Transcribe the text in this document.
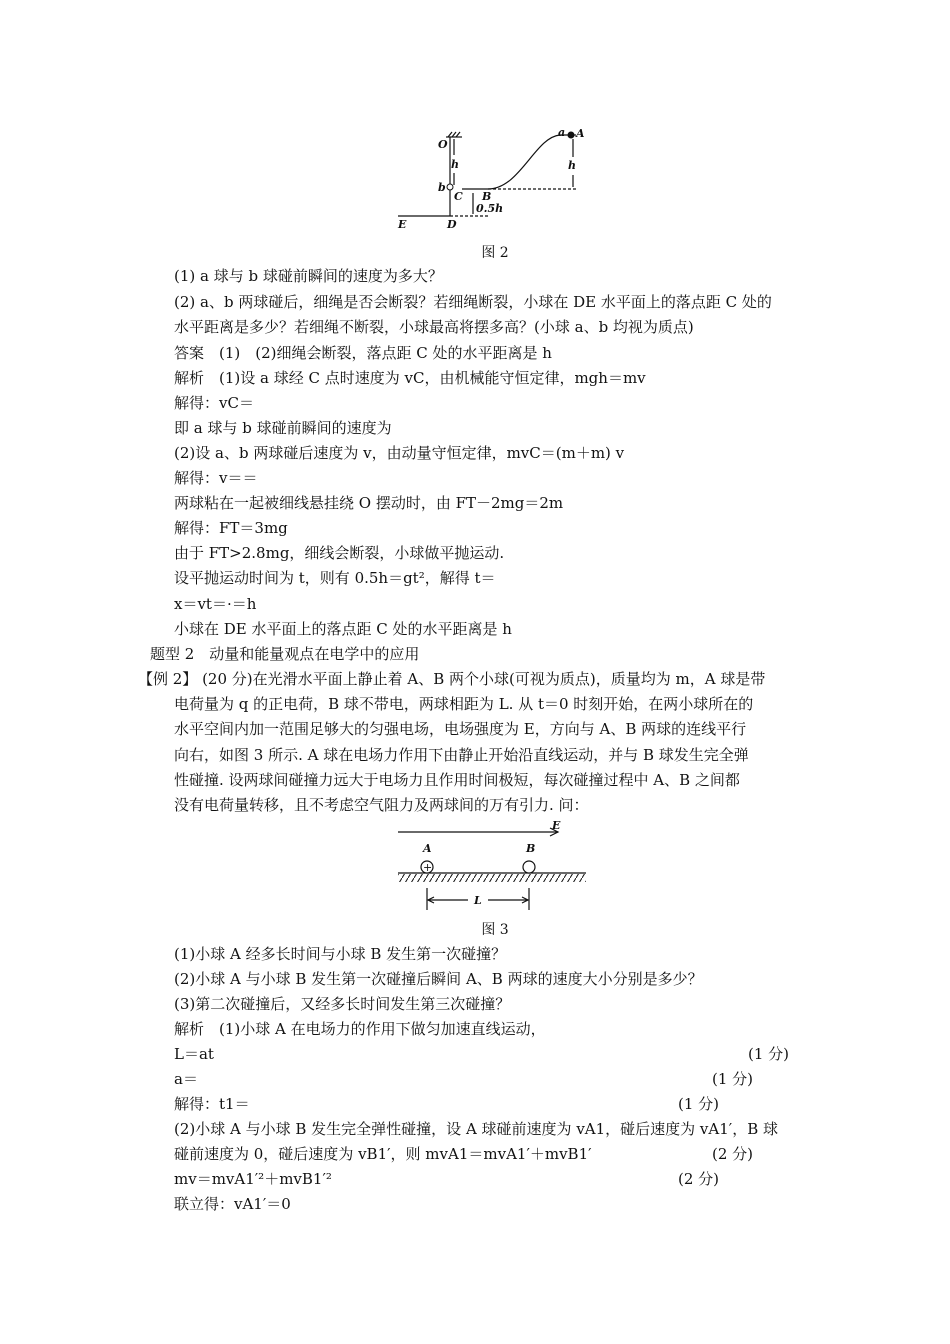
O
h
b
C B
0.5h
E	D
a A
h
图 2
(1) a 球与 b 球碰前瞬间的速度为多大？
(2) a、b 两球碰后，细绳是否会断裂？若细绳断裂，小球在 DE 水平面上的落点距 C 处的
水平距离是多少？若细绳不断裂，小球最高将摆多高？(小球 a、b 均视为质点)
答案　(1)　(2)细绳会断裂，落点距 C 处的水平距离是 h
解析　(1)设 a 球经 C 点时速度为 vC，由机械能守恒定律，mgh＝mv
解得：vC＝
即 a 球与 b 球碰前瞬间的速度为
(2)设 a、b 两球碰后速度为 v，由动量守恒定律，mvC＝(m＋m) v
解得：v＝＝
两球粘在一起被细线悬挂绕 O 摆动时，由 FT－2mg＝2m
解得：FT＝3mg
由于 FT>2.8mg，细线会断裂，小球做平抛运动.
设平抛运动时间为 t，则有 0.5h＝gt²，解得 t＝
x＝vt＝·＝h
小球在 DE 水平面上的落点距 C 处的水平距离是 h
题型 2　动量和能量观点在电学中的应用
【例 2】 (20 分)在光滑水平面上静止着 A、B 两个小球(可视为质点)，质量均为 m，A 球是带
电荷量为 q 的正电荷，B 球不带电，两球相距为 L. 从 t＝0 时刻开始，在两小球所在的
水平空间内加一范围足够大的匀强电场，电场强度为 E，方向与 A、B 两球的连线平行
向右，如图 3 所示. A 球在电场力作用下由静止开始沿直线运动，并与 B 球发生完全弹
性碰撞. 设两球间碰撞力远大于电场力且作用时间极短，每次碰撞过程中 A、B 之间都
没有电荷量转移，且不考虑空气阻力及两球间的万有引力. 问：
E
A	B
L
+
图 3
(1)小球 A 经多长时间与小球 B 发生第一次碰撞？
(2)小球 A 与小球 B 发生第一次碰撞后瞬间 A、B 两球的速度大小分别是多少？
(3)第二次碰撞后，又经多长时间发生第三次碰撞？
解析　(1)小球 A 在电场力的作用下做匀加速直线运动，
L＝at	(1 分)
a＝	(1 分)
解得：t1＝	(1 分)
(2)小球 A 与小球 B 发生完全弹性碰撞，设 A 球碰前速度为 vA1，碰后速度为 vA1′，B 球
碰前速度为 0，碰后速度为 vB1′，则 mvA1＝mvA1′＋mvB1′	(2 分)
mv＝mvA1′²＋mvB1′²	(2 分)
联立得：vA1′＝0
